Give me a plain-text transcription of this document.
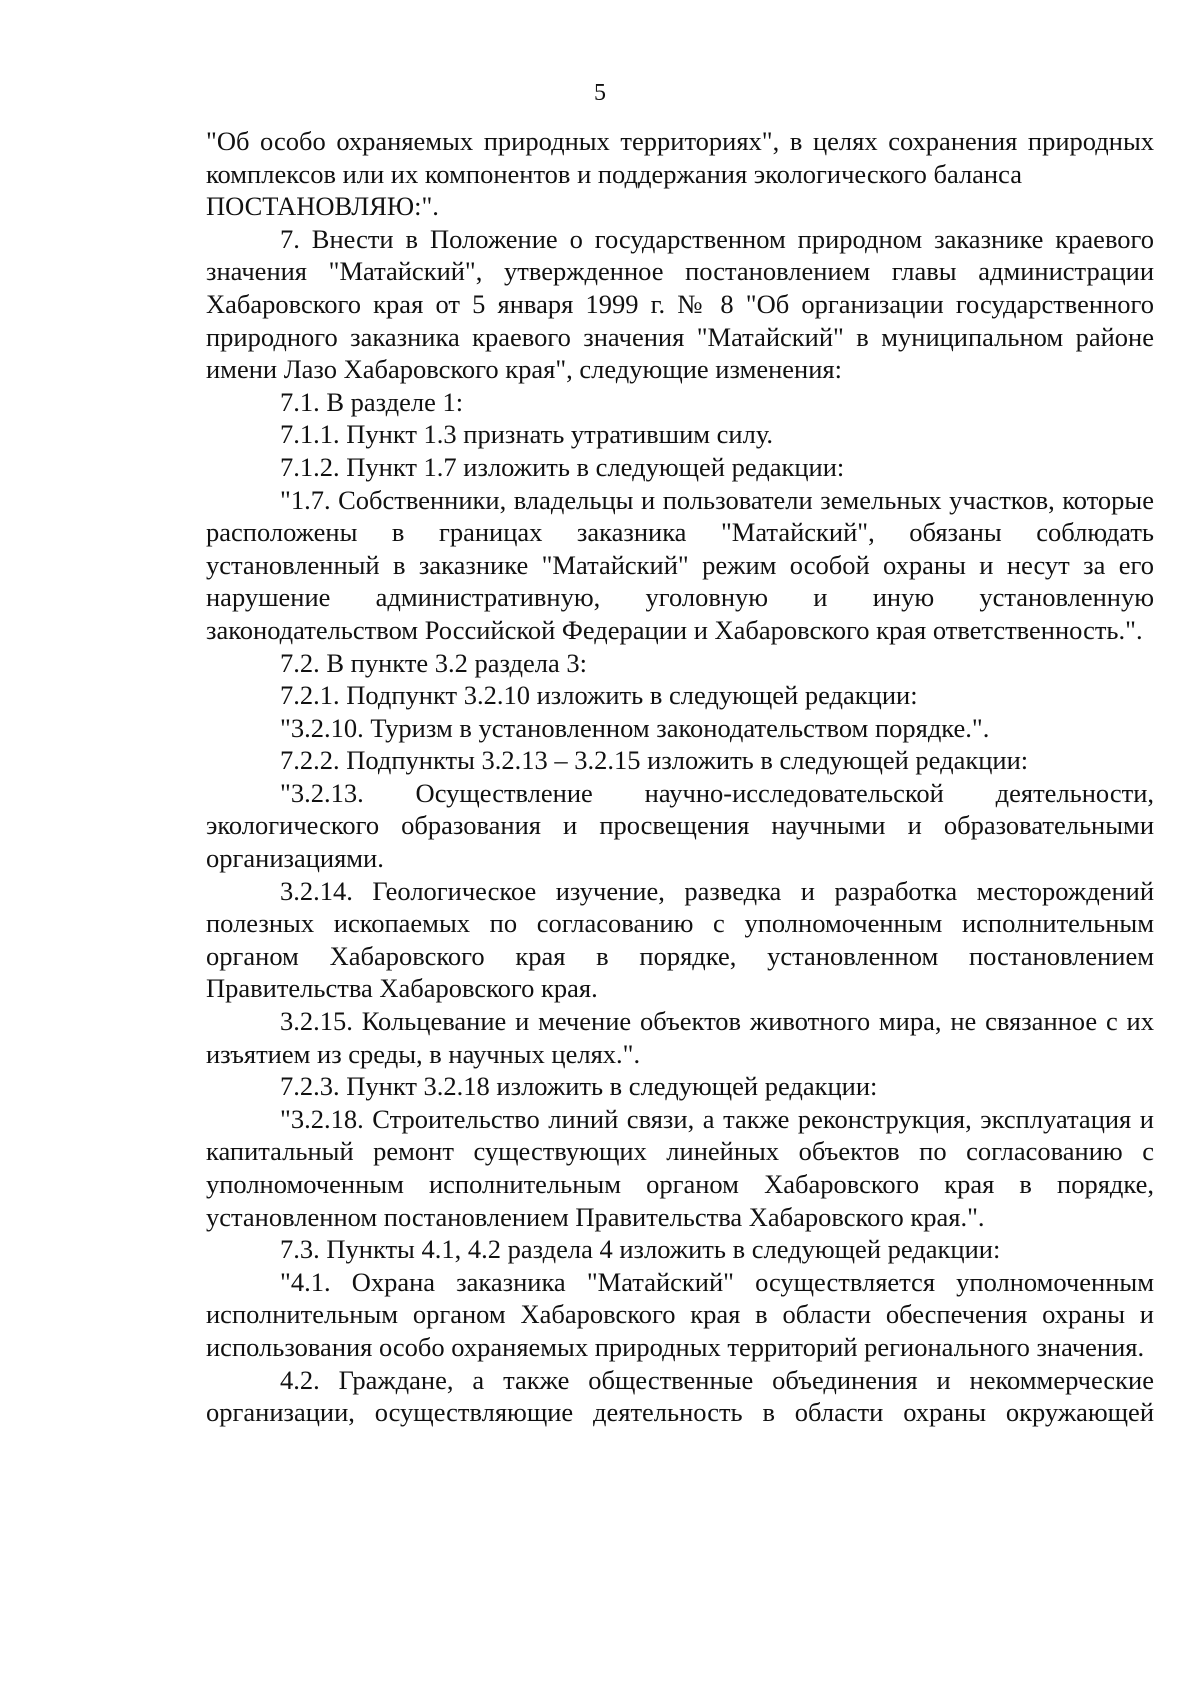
5

"Об особо охраняемых природных территориях", в целях сохранения природных комплексов или их компонентов и поддержания экологического баланса

ПОСТАНОВЛЯЮ:".

7. Внести в Положение о государственном природном заказнике краевого значения "Матайский", утвержденное постановлением главы администрации Хабаровского края от 5 января 1999 г. № 8 "Об организации государственного природного заказника краевого значения "Матайский" в муниципальном районе имени Лазо Хабаровского края", следующие изменения:

7.1. В разделе 1:

7.1.1. Пункт 1.3 признать утратившим силу.

7.1.2. Пункт 1.7 изложить в следующей редакции:

"1.7. Собственники, владельцы и пользователи земельных участков, которые расположены в границах заказника "Матайский", обязаны соблюдать установленный в заказнике "Матайский" режим особой охраны и несут за его нарушение административную, уголовную и иную установленную законодательством Российской Федерации и Хабаровского края ответственность.".

7.2. В пункте 3.2 раздела 3:

7.2.1. Подпункт 3.2.10 изложить в следующей редакции:

"3.2.10. Туризм в установленном законодательством порядке.".

7.2.2. Подпункты 3.2.13 – 3.2.15 изложить в следующей редакции:

"3.2.13. Осуществление научно-исследовательской деятельности, экологического образования и просвещения научными и образовательными организациями.

3.2.14. Геологическое изучение, разведка и разработка месторождений полезных ископаемых по согласованию с уполномоченным исполнительным органом Хабаровского края в порядке, установленном постановлением Правительства Хабаровского края.

3.2.15. Кольцевание и мечение объектов животного мира, не связанное с их изъятием из среды, в научных целях.".

7.2.3. Пункт 3.2.18 изложить в следующей редакции:

"3.2.18. Строительство линий связи, а также реконструкция, эксплуатация и капитальный ремонт существующих линейных объектов по согласованию с уполномоченным исполнительным органом Хабаровского края в порядке, установленном постановлением Правительства Хабаровского края.".

7.3. Пункты 4.1, 4.2 раздела 4 изложить в следующей редакции:

"4.1. Охрана заказника "Матайский" осуществляется уполномоченным исполнительным органом Хабаровского края в области обеспечения охраны и использования особо охраняемых природных территорий регионального значения.

4.2. Граждане, а также общественные объединения и некоммерческие организации, осуществляющие деятельность в области охраны окружающей
